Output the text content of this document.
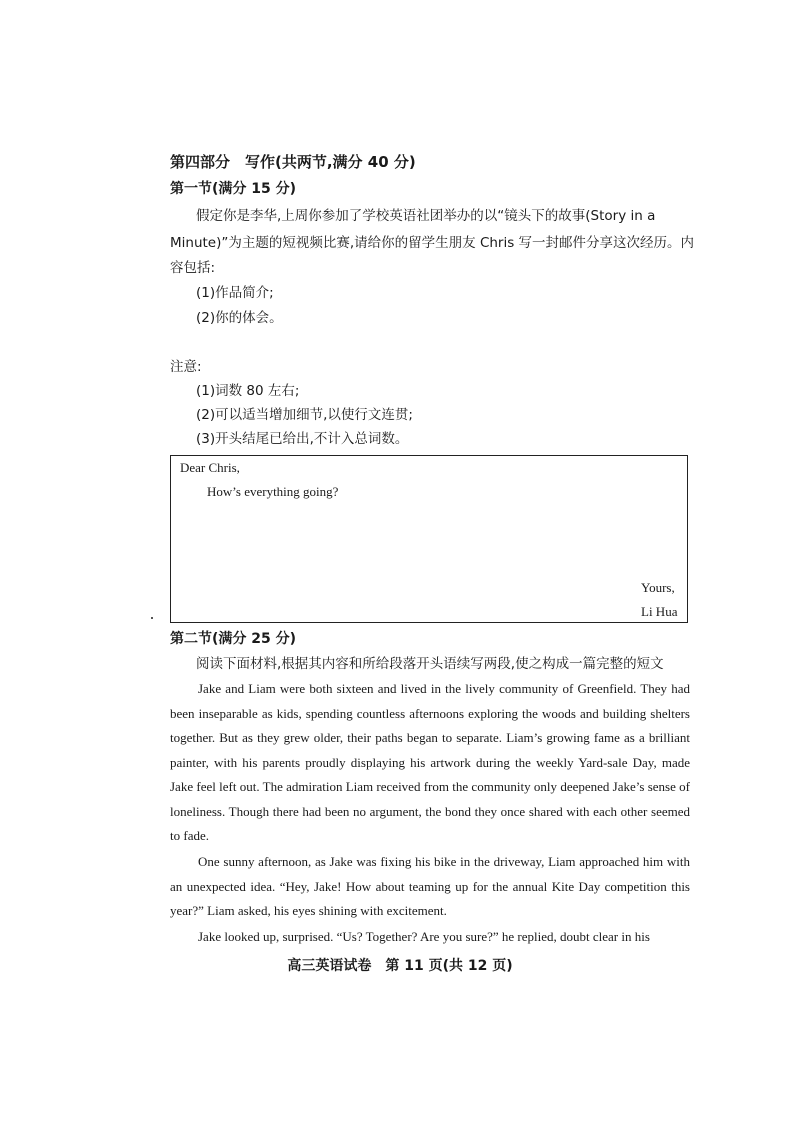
第四部分　写作(共两节,满分 40 分)
第一节(满分 15 分)
假定你是李华,上周你参加了学校英语社团举办的以“镜头下的故事(Story in a
Minute)”为主题的短视频比赛,请给你的留学生朋友 Chris 写一封邮件分享这次经历。内
容包括:
(1)作品简介;
(2)你的体会。
注意:
(1)词数 80 左右;
(2)可以适当增加细节,以使行文连贯;
(3)开头结尾已给出,不计入总词数。
Dear Chris,
How’s everything going?
Yours,
Li Hua
第二节(满分 25 分)
阅读下面材料,根据其内容和所给段落开头语续写两段,使之构成一篇完整的短文
Jake and Liam were both sixteen and lived in the lively community of Greenfield. They had been inseparable as kids, spending countless afternoons exploring the woods and building shelters together. But as they grew older, their paths began to separate. Liam’s growing fame as a brilliant painter, with his parents proudly displaying his artwork during the weekly Yard-sale Day, made Jake feel left out. The admiration Liam received from the community only deepened Jake’s sense of loneliness. Though there had been no argument, the bond they once shared with each other seemed to fade.
One sunny afternoon, as Jake was fixing his bike in the driveway, Liam approached him with an unexpected idea. “Hey, Jake! How about teaming up for the annual Kite Day competition this year?” Liam asked, his eyes shining with excitement.
Jake looked up, surprised. “Us? Together? Are you sure?” he replied, doubt clear in his
高三英语试卷　第 11 页(共 12 页)
